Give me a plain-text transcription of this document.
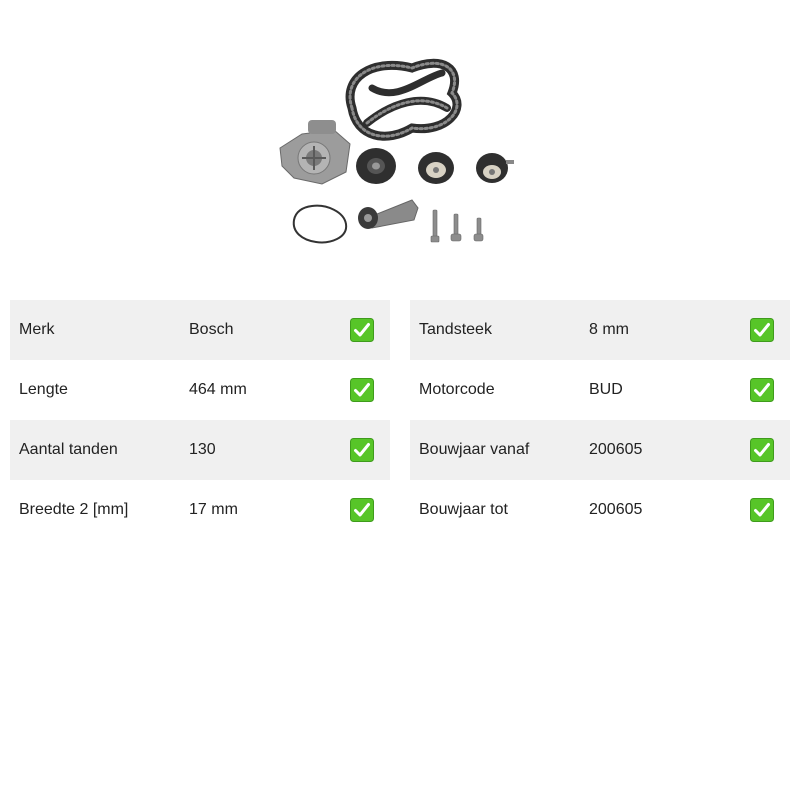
Merk	Bosch
Lengte	464 mm
Aantal tanden	130
Breedte 2 [mm]	17 mm
Tandsteek	8 mm
Motorcode	BUD
Bouwjaar vanaf	200605
Bouwjaar tot	200605
